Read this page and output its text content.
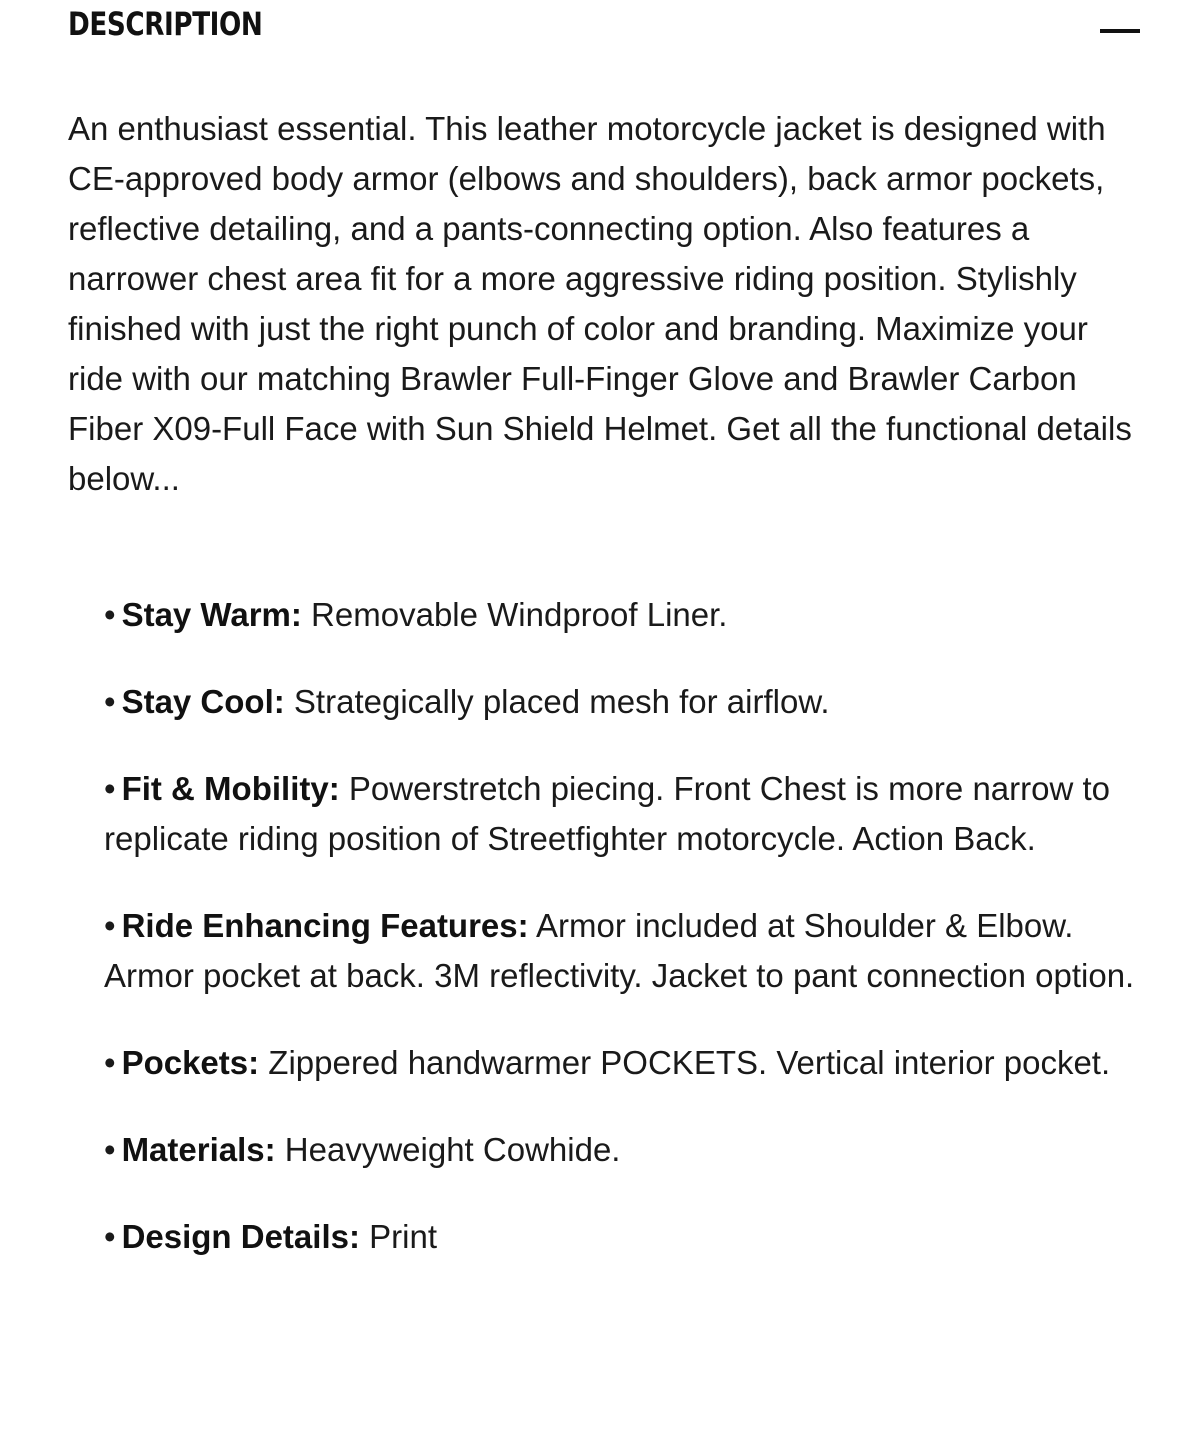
DESCRIPTION

An enthusiast essential. This leather motorcycle jacket is designed with CE-approved body armor (elbows and shoulders), back armor pockets, reflective detailing, and a pants-connecting option. Also features a narrower chest area fit for a more aggressive riding position. Stylishly finished with just the right punch of color and branding. Maximize your ride with our matching Brawler Full-Finger Glove and Brawler Carbon Fiber X09-Full Face with Sun Shield Helmet. Get all the functional details below...

• Stay Warm: Removable Windproof Liner.
• Stay Cool: Strategically placed mesh for airflow.
• Fit & Mobility: Powerstretch piecing. Front Chest is more narrow to replicate riding position of Streetfighter motorcycle. Action Back.
• Ride Enhancing Features: Armor included at Shoulder & Elbow. Armor pocket at back. 3M reflectivity. Jacket to pant connection option.
• Pockets: Zippered handwarmer POCKETS. Vertical interior pocket.
• Materials: Heavyweight Cowhide.
• Design Details: Print
